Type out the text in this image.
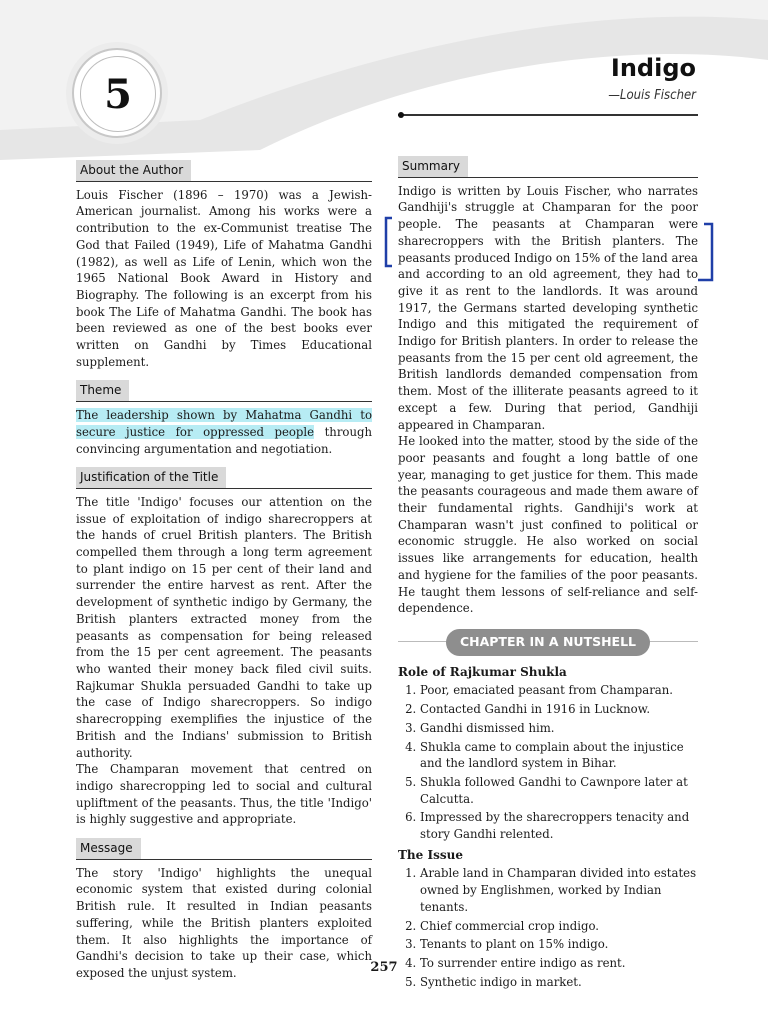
5
Indigo
—Louis Fischer
About the Author

Louis Fischer (1896 – 1970) was a Jewish-American journalist. Among his works were a contribution to the ex-Communist treatise The God that Failed (1949), Life of Mahatma Gandhi (1982), as well as Life of Lenin, which won the 1965 National Book Award in History and Biography. The following is an excerpt from his book The Life of Mahatma Gandhi. The book has been reviewed as one of the best books ever written on Gandhi by Times Educational supplement.

Theme

The leadership shown by Mahatma Gandhi to secure justice for oppressed people through convincing argumentation and negotiation.

Justification of the Title

The title 'Indigo' focuses our attention on the issue of exploitation of indigo sharecroppers at the hands of cruel British planters. The British compelled them through a long term agreement to plant indigo on 15 per cent of their land and surrender the entire harvest as rent. After the development of synthetic indigo by Germany, the British planters extracted money from the peasants as compensation for being released from the 15 per cent agreement. The peasants who wanted their money back filed civil suits. Rajkumar Shukla persuaded Gandhi to take up the case of Indigo sharecroppers. So indigo sharecropping exemplifies the injustice of the British and the Indians' submission to British authority.

The Champaran movement that centred on indigo sharecropping led to social and cultural upliftment of the peasants. Thus, the title 'Indigo' is highly suggestive and appropriate.

Message

The story 'Indigo' highlights the unequal economic system that existed during colonial British rule. It resulted in Indian peasants suffering, while the British planters exploited them. It also highlights the importance of Gandhi's decision to take up their case, which exposed the unjust system.

Summary

Indigo is written by Louis Fischer, who narrates Gandhiji's struggle at Champaran for the poor people. The peasants at Champaran were sharecroppers with the British planters. The peasants produced Indigo on 15% of the land area and according to an old agreement, they had to give it as rent to the landlords. It was around 1917, the Germans started developing synthetic Indigo and this mitigated the requirement of Indigo for British planters. In order to release the peasants from the 15 per cent old agreement, the British landlords demanded compensation from them. Most of the illiterate peasants agreed to it except a few. During that period, Gandhiji appeared in Champaran.

He looked into the matter, stood by the side of the poor peasants and fought a long battle of one year, managing to get justice for them. This made the peasants courageous and made them aware of their fundamental rights. Gandhiji's work at Champaran wasn't just confined to political or economic struggle. He also worked on social issues like arrangements for education, health and hygiene for the families of the poor peasants. He taught them lessons of self-reliance and self-dependence.

CHAPTER IN A NUTSHELL
Role of Rajkumar Shukla
1. Poor, emaciated peasant from Champaran.
2. Contacted Gandhi in 1916 in Lucknow.
3. Gandhi dismissed him.
4. Shukla came to complain about the injustice and the landlord system in Bihar.
5. Shukla followed Gandhi to Cawnpore later at Calcutta.
6. Impressed by the sharecroppers tenacity and story Gandhi relented.
The Issue
1. Arable land in Champaran divided into estates owned by Englishmen, worked by Indian tenants.
2. Chief commercial crop indigo.
3. Tenants to plant on 15% indigo.
4. To surrender entire indigo as rent.
5. Synthetic indigo in market.
257
